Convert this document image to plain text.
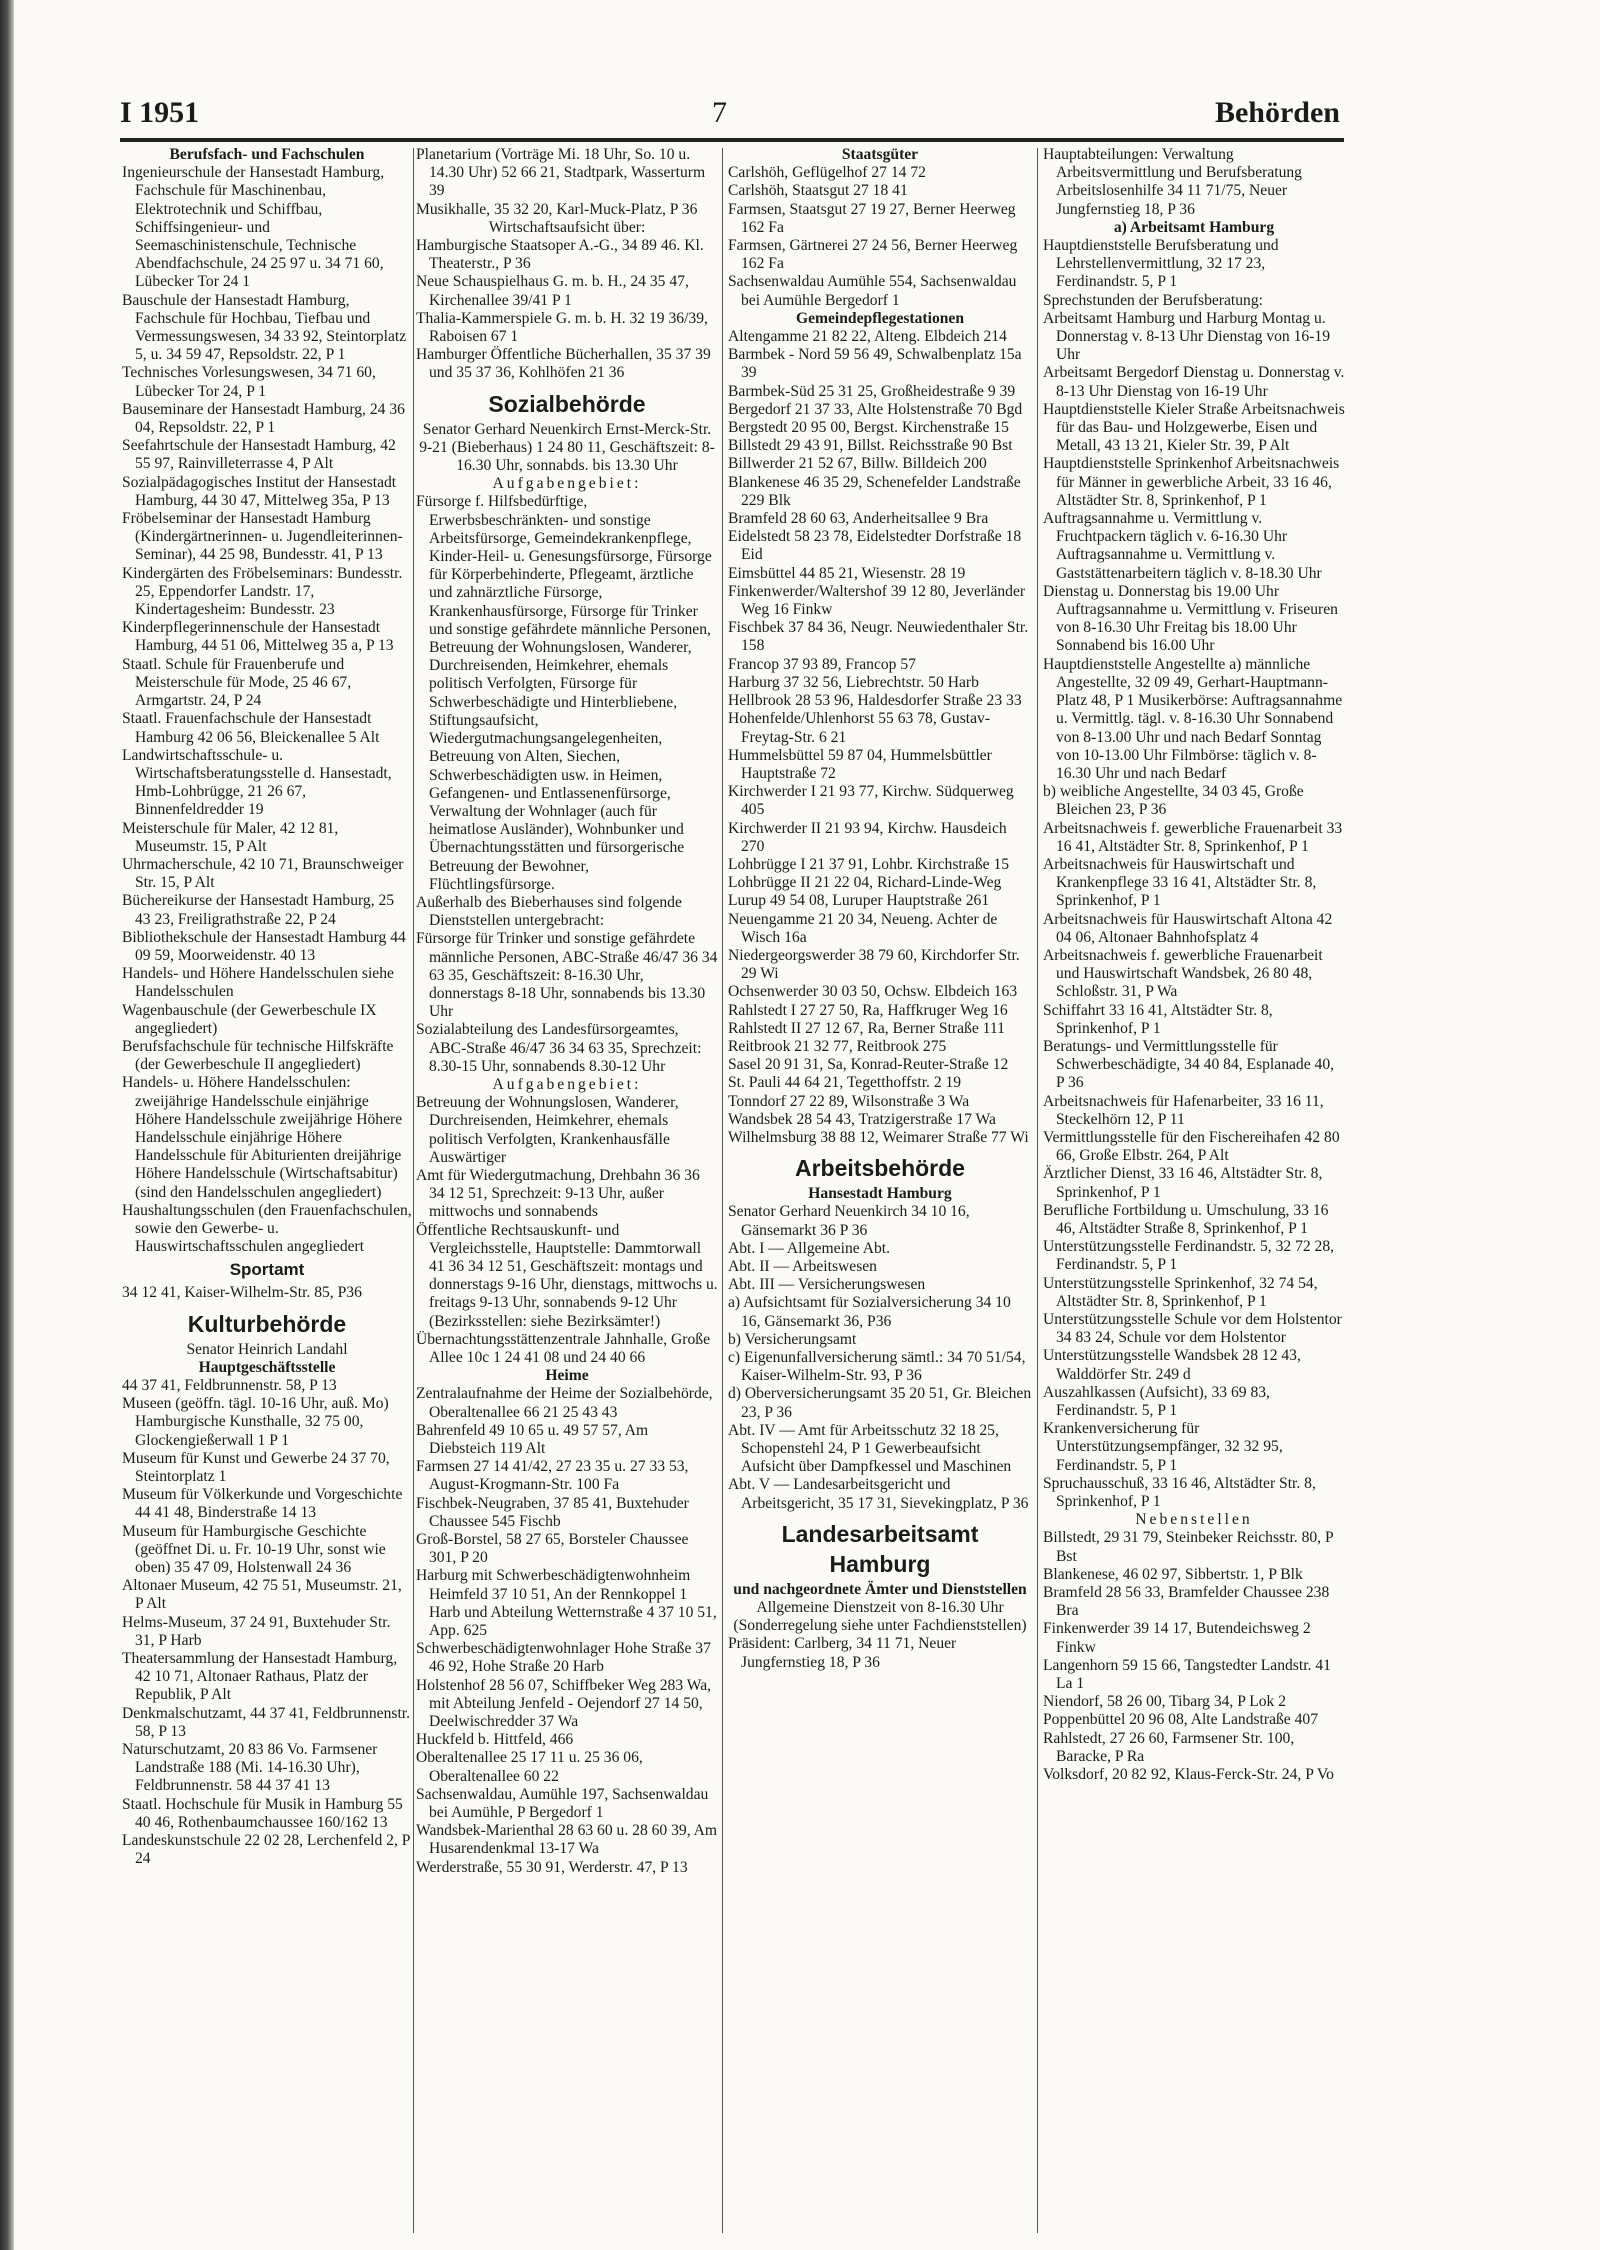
I 1951	7	Behörden
Berufsfach- und Fachschulen
Ingenieurschule der Hansestadt Hamburg, Fachschule für Maschinenbau, Elektrotechnik und Schiffbau, Schiffsingenieur- und Seemaschinistenschule, Technische Abendfachschule, 24 25 97 u. 34 71 60, Lübecker Tor 24 1
Bauschule der Hansestadt Hamburg, Fachschule für Hochbau, Tiefbau und Vermessungswesen, 34 33 92, Steintorplatz 5, u. 34 59 47, Repsoldstr. 22, P 1
Technisches Vorlesungswesen, 34 71 60, Lübecker Tor 24, P 1
Bauseminare der Hansestadt Hamburg, 24 36 04, Repsoldstr. 22, P 1
Seefahrtschule der Hansestadt Hamburg, 42 55 97, Rainvilleterrasse 4, P Alt
Sozialpädagogisches Institut der Hansestadt Hamburg, 44 30 47, Mittelweg 35a, P 13
Fröbelseminar der Hansestadt Hamburg (Kindergärtnerinnen- u. Jugendleiterinnen-Seminar), 44 25 98, Bundesstr. 41, P 13
Kindergärten des Fröbelseminars: Bundesstr. 25, Eppendorfer Landstr. 17, Kindertagesheim: Bundesstr. 23
Kinderpflegerinnenschule der Hansestadt Hamburg, 44 51 06, Mittelweg 35 a, P 13
Staatl. Schule für Frauenberufe und Meisterschule für Mode, 25 46 67, Armgartstr. 24, P 24
Staatl. Frauenfachschule der Hansestadt Hamburg 42 06 56, Bleickenallee 5 Alt
Landwirtschaftsschule- u. Wirtschaftsberatungsstelle d. Hansestadt, Hmb-Lohbrügge, 21 26 67, Binnenfeldredder 19
Meisterschule für Maler, 42 12 81, Museumstr. 15, P Alt
Uhrmacherschule, 42 10 71, Braunschweiger Str. 15, P Alt
Büchereikurse der Hansestadt Hamburg, 25 43 23, Freiligrathstraße 22, P 24
Bibliothekschule der Hansestadt Hamburg 44 09 59, Moorweidenstr. 40 13
Handels- und Höhere Handelsschulen siehe Handelsschulen
Wagenbauschule (der Gewerbeschule IX angegliedert)
Berufsfachschule für technische Hilfskräfte (der Gewerbeschule II angegliedert)
Handels- u. Höhere Handelsschulen: zweijährige Handelsschule einjährige Höhere Handelsschule zweijährige Höhere Handelsschule einjährige Höhere Handelsschule für Abiturienten dreijährige Höhere Handelsschule (Wirtschaftsabitur) (sind den Handelsschulen angegliedert)
Haushaltungsschulen (den Frauenfachschulen, sowie den Gewerbe- u. Hauswirtschaftsschulen angegliedert
Sportamt
34 12 41, Kaiser-Wilhelm-Str. 85, P36
Kulturbehörde
Senator Heinrich Landahl
Hauptgeschäftsstelle
44 37 41, Feldbrunnenstr. 58, P 13
Museen (geöffn. tägl. 10-16 Uhr, auß. Mo) Hamburgische Kunsthalle, 32 75 00, Glockengießerwall 1 P 1
Museum für Kunst und Gewerbe 24 37 70, Steintorplatz 1
Museum für Völkerkunde und Vorgeschichte 44 41 48, Binderstraße 14 13
Museum für Hamburgische Geschichte (geöffnet Di. u. Fr. 10-19 Uhr, sonst wie oben) 35 47 09, Holstenwall 24 36
Altonaer Museum, 42 75 51, Museumstr. 21, P Alt
Helms-Museum, 37 24 91, Buxtehuder Str. 31, P Harb
Theatersammlung der Hansestadt Hamburg, 42 10 71, Altonaer Rathaus, Platz der Republik, P Alt
Denkmalschutzamt, 44 37 41, Feldbrunnenstr. 58, P 13
Naturschutzamt, 20 83 86 Vo. Farmsener Landstraße 188 (Mi. 14-16.30 Uhr), Feldbrunnenstr. 58 44 37 41 13
Staatl. Hochschule für Musik in Hamburg 55 40 46, Rothenbaumchaussee 160/162 13
Landeskunstschule 22 02 28, Lerchenfeld 2, P 24
Planetarium (Vorträge Mi. 18 Uhr, So. 10 u. 14.30 Uhr) 52 66 21, Stadtpark, Wasserturm 39
Musikhalle, 35 32 20, Karl-Muck-Platz, P 36
Wirtschaftsaufsicht über:
Hamburgische Staatsoper A.-G., 34 89 46. Kl. Theaterstr., P 36
Neue Schauspielhaus G. m. b. H., 24 35 47, Kirchenallee 39/41 P 1
Thalia-Kammerspiele G. m. b. H. 32 19 36/39, Raboisen 67 1
Hamburger Öffentliche Bücherhallen, 35 37 39 und 35 37 36, Kohlhöfen 21 36
Sozialbehörde
Senator Gerhard Neuenkirch Ernst-Merck-Str. 9-21 (Bieberhaus) 1 24 80 11, Geschäftszeit: 8-16.30 Uhr, sonnabds. bis 13.30 Uhr
Aufgabengebiet:
Fürsorge f. Hilfsbedürftige, Erwerbsbeschränkten- und sonstige Arbeitsfürsorge, Gemeindekrankenpflege, Kinder-Heil- u. Genesungsfürsorge, Fürsorge für Körperbehinderte, Pflegeamt, ärztliche und zahnärztliche Fürsorge, Krankenhausfürsorge, Fürsorge für Trinker und sonstige gefährdete männliche Personen, Betreuung der Wohnungslosen, Wanderer, Durchreisenden, Heimkehrer, ehemals politisch Verfolgten, Fürsorge für Schwerbeschädigte und Hinterbliebene, Stiftungsaufsicht, Wiedergutmachungsangelegenheiten, Betreuung von Alten, Siechen, Schwerbeschädigten usw. in Heimen, Gefangenen- und Entlassenenfürsorge, Verwaltung der Wohnlager (auch für heimatlose Ausländer), Wohnbunker und Übernachtungsstätten und fürsorgerische Betreuung der Bewohner, Flüchtlingsfürsorge.
Außerhalb des Bieberhauses sind folgende Dienststellen untergebracht:
Fürsorge für Trinker und sonstige gefährdete männliche Personen, ABC-Straße 46/47 36 34 63 35, Geschäftszeit: 8-16.30 Uhr, donnerstags 8-18 Uhr, sonnabends bis 13.30 Uhr
Sozialabteilung des Landesfürsorgeamtes, ABC-Straße 46/47 36 34 63 35, Sprechzeit: 8.30-15 Uhr, sonnabends 8.30-12 Uhr
Aufgabengebiet:
Betreuung der Wohnungslosen, Wanderer, Durchreisenden, Heimkehrer, ehemals politisch Verfolgten, Krankenhausfälle Auswärtiger
Amt für Wiedergutmachung, Drehbahn 36 36 34 12 51, Sprechzeit: 9-13 Uhr, außer mittwochs und sonnabends
Öffentliche Rechtsauskunft- und Vergleichsstelle, Hauptstelle: Dammtorwall 41 36 34 12 51, Geschäftszeit: montags und donnerstags 9-16 Uhr, dienstags, mittwochs u. freitags 9-13 Uhr, sonnabends 9-12 Uhr (Bezirksstellen: siehe Bezirksämter!)
Übernachtungsstättenzentrale Jahnhalle, Große Allee 10c 1 24 41 08 und 24 40 66
Heime
Zentralaufnahme der Heime der Sozialbehörde, Oberaltenallee 66 21 25 43 43
Bahrenfeld 49 10 65 u. 49 57 57, Am Diebsteich 119 Alt
Farmsen 27 14 41/42, 27 23 35 u. 27 33 53, August-Krogmann-Str. 100 Fa
Fischbek-Neugraben, 37 85 41, Buxtehuder Chaussee 545 Fischb
Groß-Borstel, 58 27 65, Borsteler Chaussee 301, P 20
Harburg mit Schwerbeschädigtenwohnheim Heimfeld 37 10 51, An der Rennkoppel 1 Harb und Abteilung Wetternstraße 4 37 10 51, App. 625
Schwerbeschädigtenwohnlager Hohe Straße 37 46 92, Hohe Straße 20 Harb
Holstenhof 28 56 07, Schiffbeker Weg 283 Wa, mit Abteilung Jenfeld - Oejendorf 27 14 50, Deelwischredder 37 Wa
Huckfeld b. Hittfeld, 466
Oberaltenallee 25 17 11 u. 25 36 06, Oberaltenallee 60 22
Sachsenwaldau, Aumühle 197, Sachsenwaldau bei Aumühle, P Bergedorf 1
Wandsbek-Marienthal 28 63 60 u. 28 60 39, Am Husarendenkmal 13-17 Wa
Werderstraße, 55 30 91, Werderstr. 47, P 13
Staatsgüter
Carlshöh, Geflügelhof 27 14 72
Carlshöh, Staatsgut 27 18 41
Farmsen, Staatsgut 27 19 27, Berner Heerweg 162 Fa
Farmsen, Gärtnerei 27 24 56, Berner Heerweg 162 Fa
Sachsenwaldau Aumühle 554, Sachsenwaldau bei Aumühle Bergedorf 1
Gemeindepflegestationen
Altengamme 21 82 22, Alteng. Elbdeich 214
Barmbek - Nord 59 56 49, Schwalbenplatz 15a 39
Barmbek-Süd 25 31 25, Großheidestraße 9 39
Bergedorf 21 37 33, Alte Holstenstraße 70 Bgd
Bergstedt 20 95 00, Bergst. Kirchenstraße 15
Billstedt 29 43 91, Billst. Reichsstraße 90 Bst
Billwerder 21 52 67, Billw. Billdeich 200
Blankenese 46 35 29, Schenefelder Landstraße 229 Blk
Bramfeld 28 60 63, Anderheitsallee 9 Bra
Eidelstedt 58 23 78, Eidelstedter Dorfstraße 18 Eid
Eimsbüttel 44 85 21, Wiesenstr. 28 19
Finkenwerder/Waltershof 39 12 80, Jeverländer Weg 16 Finkw
Fischbek 37 84 36, Neugr. Neuwiedenthaler Str. 158
Francop 37 93 89, Francop 57
Harburg 37 32 56, Liebrechtstr. 50 Harb
Hellbrook 28 53 96, Haldesdorfer Straße 23 33
Hohenfelde/Uhlenhorst 55 63 78, Gustav-Freytag-Str. 6 21
Hummelsbüttel 59 87 04, Hummelsbüttler Hauptstraße 72
Kirchwerder I 21 93 77, Kirchw. Südquerweg 405
Kirchwerder II 21 93 94, Kirchw. Hausdeich 270
Lohbrügge I 21 37 91, Lohbr. Kirchstraße 15
Lohbrügge II 21 22 04, Richard-Linde-Weg
Lurup 49 54 08, Luruper Hauptstraße 261
Neuengamme 21 20 34, Neueng. Achter de Wisch 16a
Niedergeorgswerder 38 79 60, Kirchdorfer Str. 29 Wi
Ochsenwerder 30 03 50, Ochsw. Elbdeich 163
Rahlstedt I 27 27 50, Ra, Haffkruger Weg 16
Rahlstedt II 27 12 67, Ra, Berner Straße 111
Reitbrook 21 32 77, Reitbrook 275
Sasel 20 91 31, Sa, Konrad-Reuter-Straße 12
St. Pauli 44 64 21, Tegetthoffstr. 2 19
Tonndorf 27 22 89, Wilsonstraße 3 Wa
Wandsbek 28 54 43, Tratzigerstraße 17 Wa
Wilhelmsburg 38 88 12, Weimarer Straße 77 Wi
Arbeitsbehörde
Hansestadt Hamburg
Senator Gerhard Neuenkirch 34 10 16, Gänsemarkt 36 P 36
Abt. I — Allgemeine Abt.
Abt. II — Arbeitswesen
Abt. III — Versicherungswesen
a) Aufsichtsamt für Sozialversicherung 34 10 16, Gänsemarkt 36, P36
b) Versicherungsamt
c) Eigenunfallversicherung sämtl.: 34 70 51/54, Kaiser-Wilhelm-Str. 93, P 36
d) Oberversicherungsamt 35 20 51, Gr. Bleichen 23, P 36
Abt. IV — Amt für Arbeitsschutz 32 18 25, Schopenstehl 24, P 1 Gewerbeaufsicht Aufsicht über Dampfkessel und Maschinen
Abt. V — Landesarbeitsgericht und Arbeitsgericht, 35 17 31, Sievekingplatz, P 36
Landesarbeitsamt Hamburg
und nachgeordnete Ämter und Dienststellen
Allgemeine Dienstzeit von 8-16.30 Uhr (Sonderregelung siehe unter Fachdienststellen)
Präsident: Carlberg, 34 11 71, Neuer Jungfernstieg 18, P 36
Hauptabteilungen: Verwaltung Arbeitsvermittlung und Berufsberatung Arbeitslosenhilfe 34 11 71/75, Neuer Jungfernstieg 18, P 36
a) Arbeitsamt Hamburg
Hauptdienststelle Berufsberatung und Lehrstellenvermittlung, 32 17 23, Ferdinandstr. 5, P 1
Sprechstunden der Berufsberatung:
Arbeitsamt Hamburg und Harburg Montag u. Donnerstag v. 8-13 Uhr Dienstag von 16-19 Uhr
Arbeitsamt Bergedorf Dienstag u. Donnerstag v. 8-13 Uhr Dienstag von 16-19 Uhr
Hauptdienststelle Kieler Straße Arbeitsnachweis für das Bau- und Holzgewerbe, Eisen und Metall, 43 13 21, Kieler Str. 39, P Alt
Hauptdienststelle Sprinkenhof Arbeitsnachweis für Männer in gewerbliche Arbeit, 33 16 46, Altstädter Str. 8, Sprinkenhof, P 1
Auftragsannahme u. Vermittlung v. Fruchtpackern täglich v. 6-16.30 Uhr Auftragsannahme u. Vermittlung v. Gaststättenarbeitern täglich v. 8-18.30 Uhr
Dienstag u. Donnerstag bis 19.00 Uhr Auftragsannahme u. Vermittlung v. Friseuren von 8-16.30 Uhr Freitag bis 18.00 Uhr Sonnabend bis 16.00 Uhr
Hauptdienststelle Angestellte a) männliche Angestellte, 32 09 49, Gerhart-Hauptmann-Platz 48, P 1 Musikerbörse: Auftragsannahme u. Vermittlg. tägl. v. 8-16.30 Uhr Sonnabend von 8-13.00 Uhr und nach Bedarf Sonntag von 10-13.00 Uhr Filmbörse: täglich v. 8-16.30 Uhr und nach Bedarf
b) weibliche Angestellte, 34 03 45, Große Bleichen 23, P 36
Arbeitsnachweis f. gewerbliche Frauenarbeit 33 16 41, Altstädter Str. 8, Sprinkenhof, P 1
Arbeitsnachweis für Hauswirtschaft und Krankenpflege 33 16 41, Altstädter Str. 8, Sprinkenhof, P 1
Arbeitsnachweis für Hauswirtschaft Altona 42 04 06, Altonaer Bahnhofsplatz 4
Arbeitsnachweis f. gewerbliche Frauenarbeit und Hauswirtschaft Wandsbek, 26 80 48, Schloßstr. 31, P Wa
Schiffahrt 33 16 41, Altstädter Str. 8, Sprinkenhof, P 1
Beratungs- und Vermittlungsstelle für Schwerbeschädigte, 34 40 84, Esplanade 40, P 36
Arbeitsnachweis für Hafenarbeiter, 33 16 11, Steckelhörn 12, P 11
Vermittlungsstelle für den Fischereihafen 42 80 66, Große Elbstr. 264, P Alt
Ärztlicher Dienst, 33 16 46, Altstädter Str. 8, Sprinkenhof, P 1
Berufliche Fortbildung u. Umschulung, 33 16 46, Altstädter Straße 8, Sprinkenhof, P 1
Unterstützungsstelle Ferdinandstr. 5, 32 72 28, Ferdinandstr. 5, P 1
Unterstützungsstelle Sprinkenhof, 32 74 54, Altstädter Str. 8, Sprinkenhof, P 1
Unterstützungsstelle Schule vor dem Holstentor 34 83 24, Schule vor dem Holstentor
Unterstützungsstelle Wandsbek 28 12 43, Walddörfer Str. 249 d
Auszahlkassen (Aufsicht), 33 69 83, Ferdinandstr. 5, P 1
Krankenversicherung für Unterstützungsempfänger, 32 32 95, Ferdinandstr. 5, P 1
Spruchausschuß, 33 16 46, Altstädter Str. 8, Sprinkenhof, P 1
Nebenstellen
Billstedt, 29 31 79, Steinbeker Reichsstr. 80, P Bst
Blankenese, 46 02 97, Sibbertstr. 1, P Blk
Bramfeld 28 56 33, Bramfelder Chaussee 238 Bra
Finkenwerder 39 14 17, Butendeichsweg 2 Finkw
Langenhorn 59 15 66, Tangstedter Landstr. 41 La 1
Niendorf, 58 26 00, Tibarg 34, P Lok 2
Poppenbüttel 20 96 08, Alte Landstraße 407
Rahlstedt, 27 26 60, Farmsener Str. 100, Baracke, P Ra
Volksdorf, 20 82 92, Klaus-Ferck-Str. 24, P Vo
